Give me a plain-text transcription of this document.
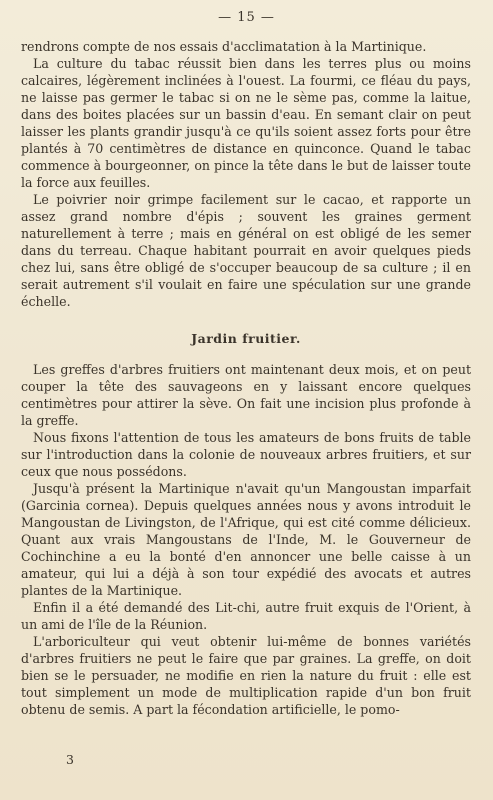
— 15 —

rendrons compte de nos essais d'acclimatation à la Martinique.

La culture du tabac réussit bien dans les terres plus ou moins calcaires, légèrement inclinées à l'ouest. La fourmi, ce fléau du pays, ne laisse pas germer le tabac si on ne le sème pas, comme la laitue, dans des boites placées sur un bassin d'eau. En semant clair on peut laisser les plants grandir jusqu'à ce qu'ils soient assez forts pour être plantés à 70 centimètres de distance en quinconce. Quand le tabac commence à bourgeonner, on pince la tête dans le but de laisser toute la force aux feuilles.

Le poivrier noir grimpe facilement sur le cacao, et rapporte un assez grand nombre d'épis ; souvent les graines germent naturellement à terre ; mais en général on est obligé de les semer dans du terreau. Chaque habitant pourrait en avoir quelques pieds chez lui, sans être obligé de s'occuper beaucoup de sa culture ; il en serait autrement s'il voulait en faire une spéculation sur une grande échelle.

Jardin fruitier.

Les greffes d'arbres fruitiers ont maintenant deux mois, et on peut couper la tête des sauvageons en y laissant encore quelques centimètres pour attirer la sève. On fait une incision plus profonde à la greffe.

Nous fixons l'attention de tous les amateurs de bons fruits de table sur l'introduction dans la colonie de nouveaux arbres fruitiers, et sur ceux que nous possédons.

Jusqu'à présent la Martinique n'avait qu'un Mangoustan imparfait (Garcinia cornea). Depuis quelques années nous y avons introduit le Mangoustan de Livingston, de l'Afrique, qui est cité comme délicieux. Quant aux vrais Mangoustans de l'Inde, M. le Gouverneur de Cochinchine a eu la bonté d'en annoncer une belle caisse à un amateur, qui lui a déjà à son tour expédié des avocats et autres plantes de la Martinique.

Enfin il a été demandé des Lit-chi, autre fruit exquis de l'Orient, à un ami de l'île de la Réunion.

L'arboriculteur qui veut obtenir lui-même de bonnes variétés d'arbres fruitiers ne peut le faire que par graines. La greffe, on doit bien se le persuader, ne modifie en rien la nature du fruit : elle est tout simplement un mode de multiplication rapide d'un bon fruit obtenu de semis. A part la fécondation artificielle, le pomo-

3
